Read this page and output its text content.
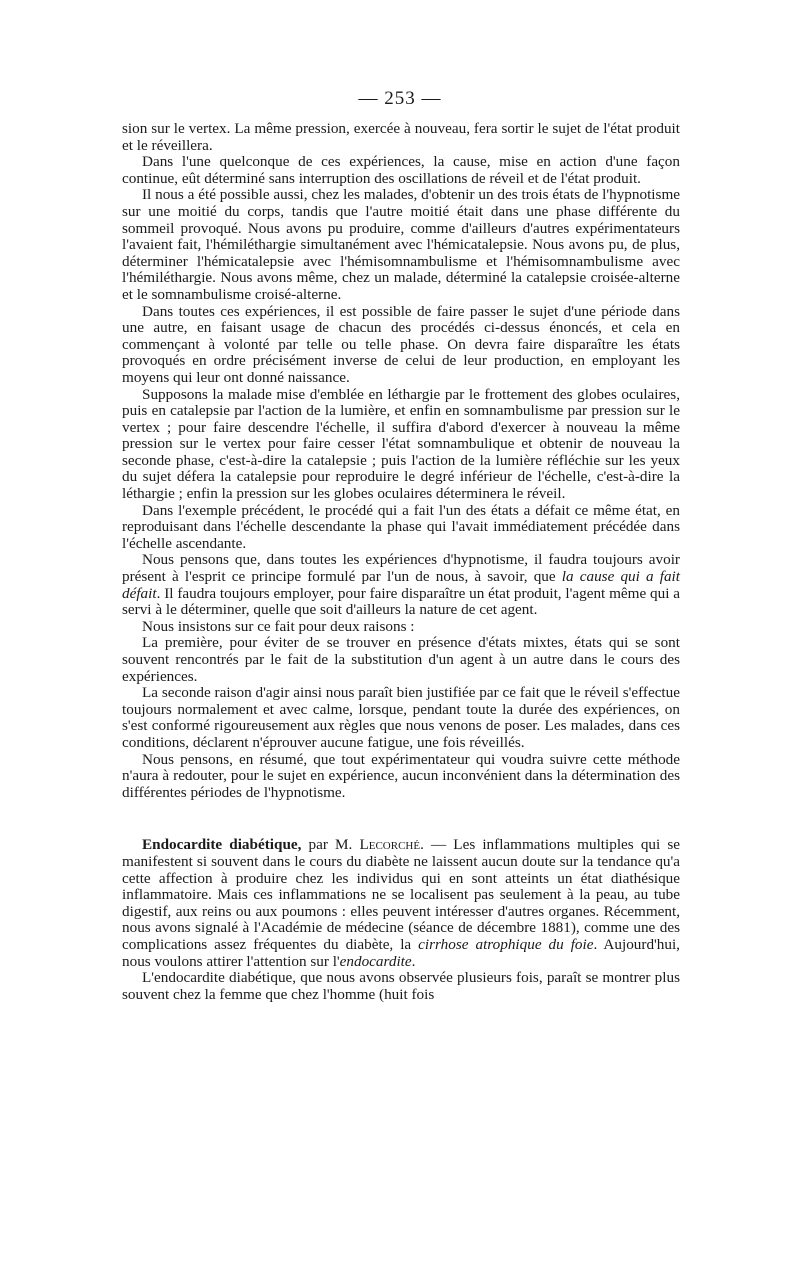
— 253 —

sion sur le vertex. La même pression, exercée à nouveau, fera sortir le sujet de l'état produit et le réveillera.

Dans l'une quelconque de ces expériences, la cause, mise en action d'une façon continue, eût déterminé sans interruption des oscillations de réveil et de l'état produit.

Il nous a été possible aussi, chez les malades, d'obtenir un des trois états de l'hypnotisme sur une moitié du corps, tandis que l'autre moitié était dans une phase différente du sommeil provoqué. Nous avons pu produire, comme d'ailleurs d'autres expérimentateurs l'avaient fait, l'hémiléthargie simultanément avec l'hémicatalepsie. Nous avons pu, de plus, déterminer l'hémicatalepsie avec l'hémisomnambulisme et l'hémisomnambulisme avec l'hémiléthargie. Nous avons même, chez un malade, déterminé la catalepsie croisée-alterne et le somnambulisme croisé-alterne.

Dans toutes ces expériences, il est possible de faire passer le sujet d'une période dans une autre, en faisant usage de chacun des procédés ci-dessus énoncés, et cela en commençant à volonté par telle ou telle phase. On devra faire disparaître les états provoqués en ordre précisément inverse de celui de leur production, en employant les moyens qui leur ont donné naissance.

Supposons la malade mise d'emblée en léthargie par le frottement des globes oculaires, puis en catalepsie par l'action de la lumière, et enfin en somnambulisme par pression sur le vertex ; pour faire descendre l'échelle, il suffira d'abord d'exercer à nouveau la même pression sur le vertex pour faire cesser l'état somnambulique et obtenir de nouveau la seconde phase, c'est-à-dire la catalepsie ; puis l'action de la lumière réfléchie sur les yeux du sujet défera la catalepsie pour reproduire le degré inférieur de l'échelle, c'est-à-dire la léthargie ; enfin la pression sur les globes oculaires déterminera le réveil.

Dans l'exemple précédent, le procédé qui a fait l'un des états a défait ce même état, en reproduisant dans l'échelle descendante la phase qui l'avait immédiatement précédée dans l'échelle ascendante.

Nous pensons que, dans toutes les expériences d'hypnotisme, il faudra toujours avoir présent à l'esprit ce principe formulé par l'un de nous, à savoir, que la cause qui a fait défait. Il faudra toujours employer, pour faire disparaître un état produit, l'agent même qui a servi à le déterminer, quelle que soit d'ailleurs la nature de cet agent.

Nous insistons sur ce fait pour deux raisons :

La première, pour éviter de se trouver en présence d'états mixtes, états qui se sont souvent rencontrés par le fait de la substitution d'un agent à un autre dans le cours des expériences.

La seconde raison d'agir ainsi nous paraît bien justifiée par ce fait que le réveil s'effectue toujours normalement et avec calme, lorsque, pendant toute la durée des expériences, on s'est conformé rigoureusement aux règles que nous venons de poser. Les malades, dans ces conditions, déclarent n'éprouver aucune fatigue, une fois réveillés.

Nous pensons, en résumé, que tout expérimentateur qui voudra suivre cette méthode n'aura à redouter, pour le sujet en expérience, aucun inconvénient dans la détermination des différentes périodes de l'hypnotisme.

Endocardite diabétique, par M. Lecorché. — Les inflammations multiples qui se manifestent si souvent dans le cours du diabète ne laissent aucun doute sur la tendance qu'a cette affection à produire chez les individus qui en sont atteints un état diathésique inflammatoire. Mais ces inflammations ne se localisent pas seulement à la peau, au tube digestif, aux reins ou aux poumons : elles peuvent intéresser d'autres organes. Récemment, nous avons signalé à l'Académie de médecine (séance de décembre 1881), comme une des complications assez fréquentes du diabète, la cirrhose atrophique du foie. Aujourd'hui, nous voulons attirer l'attention sur l'endocardite.

L'endocardite diabétique, que nous avons observée plusieurs fois, paraît se montrer plus souvent chez la femme que chez l'homme (huit fois
